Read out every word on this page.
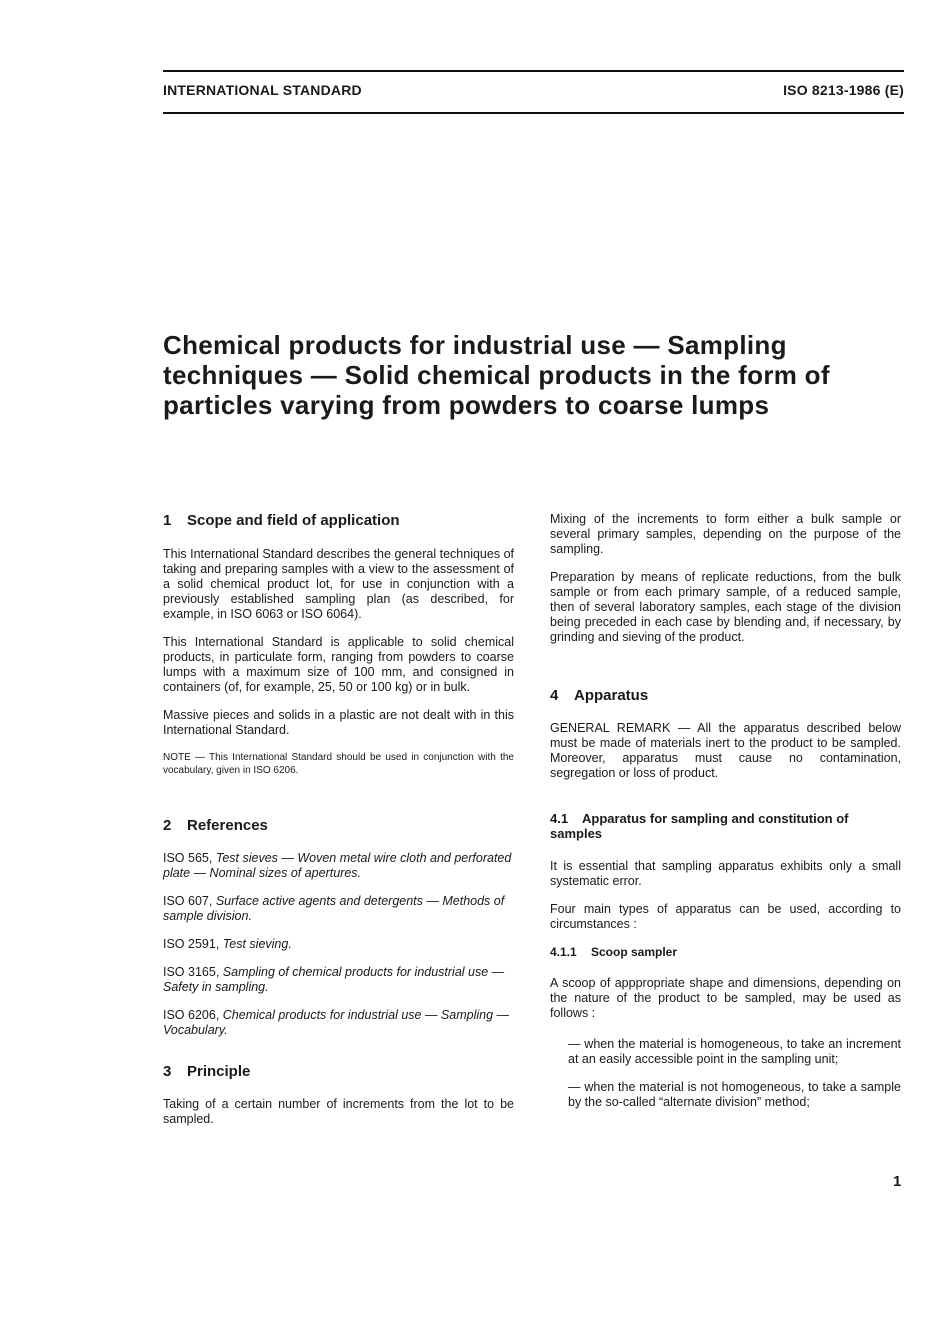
INTERNATIONAL STANDARD	ISO 8213-1986 (E)
Chemical products for industrial use — Sampling techniques — Solid chemical products in the form of particles varying from powders to coarse lumps
1 Scope and field of application

This International Standard describes the general techniques of taking and preparing samples with a view to the assessment of a solid chemical product lot, for use in conjunction with a previously established sampling plan (as described, for example, in ISO 6063 or ISO 6064).

This International Standard is applicable to solid chemical products, in particulate form, ranging from powders to coarse lumps with a maximum size of 100 mm, and consigned in containers (of, for example, 25, 50 or 100 kg) or in bulk.

Massive pieces and solids in a plastic are not dealt with in this International Standard.

NOTE — This International Standard should be used in conjunction with the vocabulary, given in ISO 6206.

2 References

ISO 565, Test sieves — Woven metal wire cloth and perforated plate — Nominal sizes of apertures.

ISO 607, Surface active agents and detergents — Methods of sample division.

ISO 2591, Test sieving.

ISO 3165, Sampling of chemical products for industrial use — Safety in sampling.

ISO 6206, Chemical products for industrial use — Sampling — Vocabulary.

3 Principle

Taking of a certain number of increments from the lot to be sampled.

Mixing of the increments to form either a bulk sample or several primary samples, depending on the purpose of the sampling.

Preparation by means of replicate reductions, from the bulk sample or from each primary sample, of a reduced sample, then of several laboratory samples, each stage of the division being preceded in each case by blending and, if necessary, by grinding and sieving of the product.

4 Apparatus

GENERAL REMARK — All the apparatus described below must be made of materials inert to the product to be sampled. Moreover, apparatus must cause no contamination, segregation or loss of product.

4.1 Apparatus for sampling and constitution of samples

It is essential that sampling apparatus exhibits only a small systematic error.

Four main types of apparatus can be used, according to circumstances :

4.1.1 Scoop sampler

A scoop of apppropriate shape and dimensions, depending on the nature of the product to be sampled, may be used as follows :

— when the material is homogeneous, to take an increment at an easily accessible point in the sampling unit;

— when the material is not homogeneous, to take a sample by the so-called “alternate division” method;

1
